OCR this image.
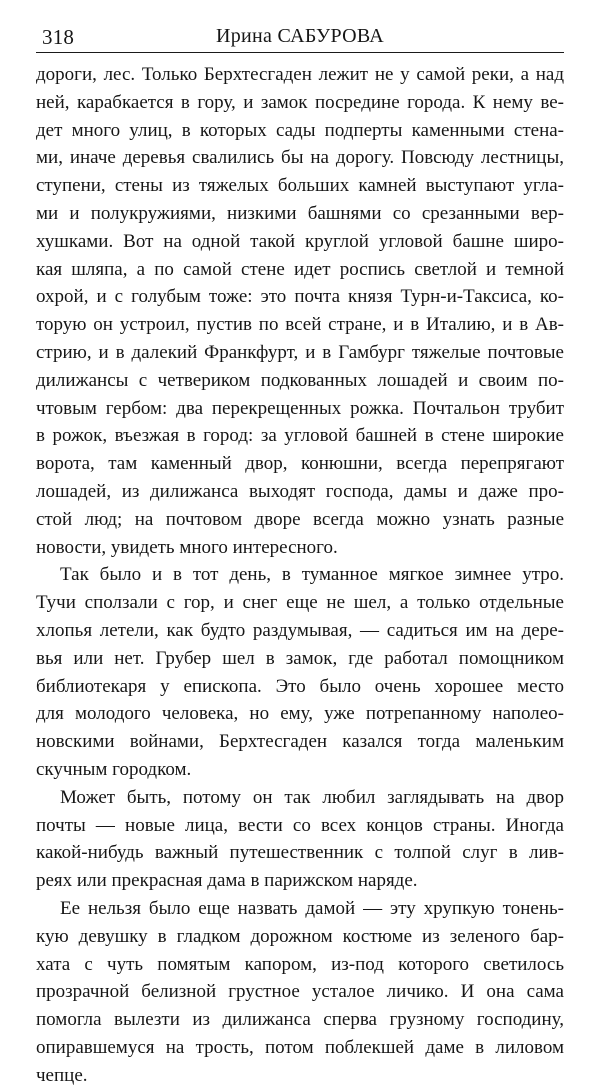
318	Ирина САБУРОВА

дороги, лес. Только Берхтесгаден лежит не у самой реки, а над

ней, карабкается в гору, и замок посредине города. К нему ве-

дет много улиц, в которых сады подперты каменными стена-

ми, иначе деревья свалились бы на дорогу. Повсюду лестницы,

ступени, стены из тяжелых больших камней выступают угла-

ми и полукружиями, низкими башнями со срезанными вер-

хушками. Вот на одной такой круглой угловой башне широ-

кая шляпа, а по самой стене идет роспись светлой и темной

охрой, и с голубым тоже: это почта князя Турн-и-Таксиса, ко-

торую он устроил, пустив по всей стране, и в Италию, и в Ав-

стрию, и в далекий Франкфурт, и в Гамбург тяжелые почтовые

дилижансы с четвериком подкованных лошадей и своим по-

чтовым гербом: два перекрещенных рожка. Почтальон трубит

в рожок, въезжая в город: за угловой башней в стене широкие

ворота, там каменный двор, конюшни, всегда перепрягают

лошадей, из дилижанса выходят господа, дамы и даже про-

стой люд; на почтовом дворе всегда можно узнать разные

новости, увидеть много интересного.

Так было и в тот день, в туманное мягкое зимнее утро.

Тучи сползали с гор, и снег еще не шел, а только отдельные

хлопья летели, как будто раздумывая, — садиться им на дере-

вья или нет. Грубер шел в замок, где работал помощником

библиотекаря у епископа. Это было очень хорошее место

для молодого человека, но ему, уже потрепанному наполео-

новскими войнами, Берхтесгаден казался тогда маленьким

скучным городком.

Может быть, потому он так любил заглядывать на двор

почты — новые лица, вести со всех концов страны. Иногда

какой-нибудь важный путешественник с толпой слуг в лив-

реях или прекрасная дама в парижском наряде.

Ее нельзя было еще назвать дамой — эту хрупкую тонень-

кую девушку в гладком дорожном костюме из зеленого бар-

хата с чуть помятым капором, из-под которого светилось

прозрачной белизной грустное усталое личико. И она сама

помогла вылезти из дилижанса сперва грузному господину,

опиравшемуся на трость, потом поблекшей даме в лиловом

чепце.
